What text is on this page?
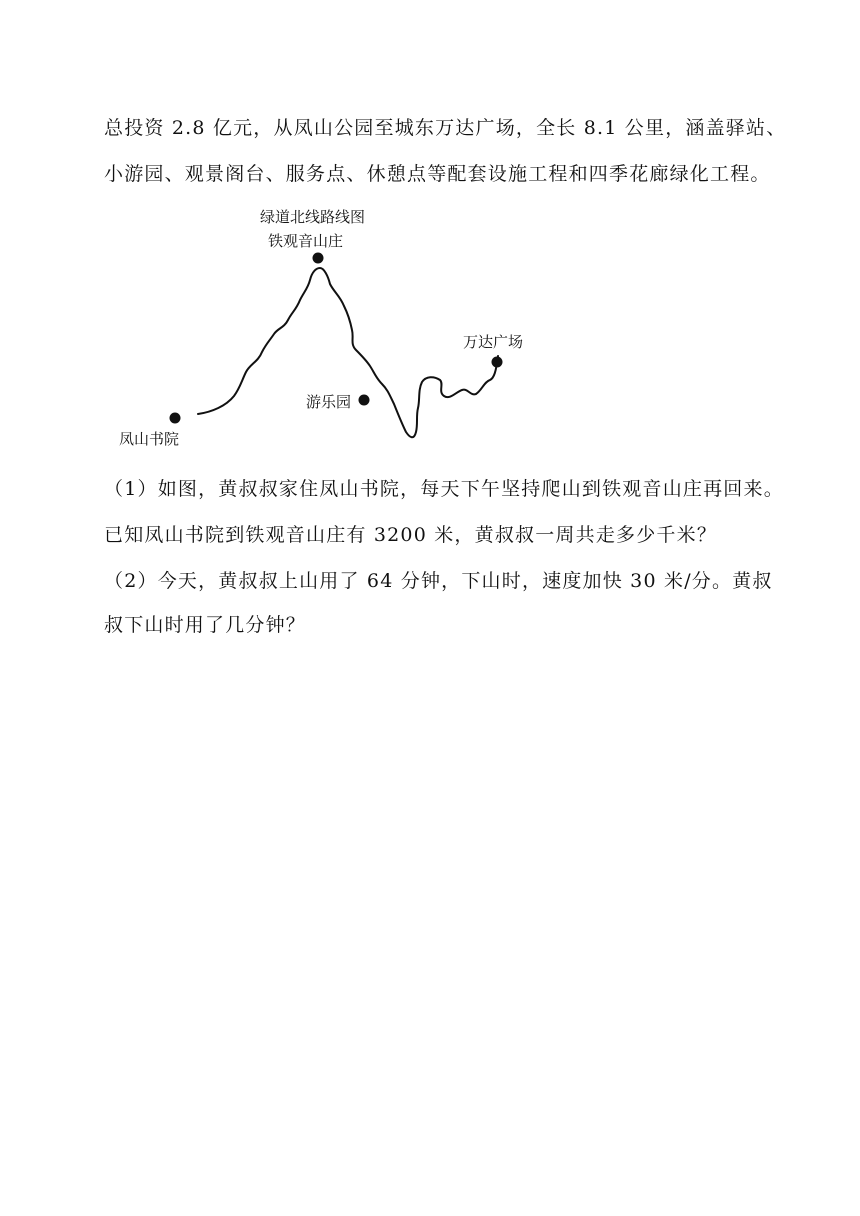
总投资 2.8 亿元，从凤山公园至城东万达广场，全长 8.1 公里，涵盖驿站、
小游园、观景阁台、服务点、休憩点等配套设施工程和四季花廊绿化工程。
绿道北线路线图
铁观音山庄
万达广场
游乐园
凤山书院
（1）如图，黄叔叔家住凤山书院，每天下午坚持爬山到铁观音山庄再回来。
已知凤山书院到铁观音山庄有 3200 米，黄叔叔一周共走多少千米？
（2）今天，黄叔叔上山用了 64 分钟，下山时，速度加快 30 米/分。黄叔
叔下山时用了几分钟？
